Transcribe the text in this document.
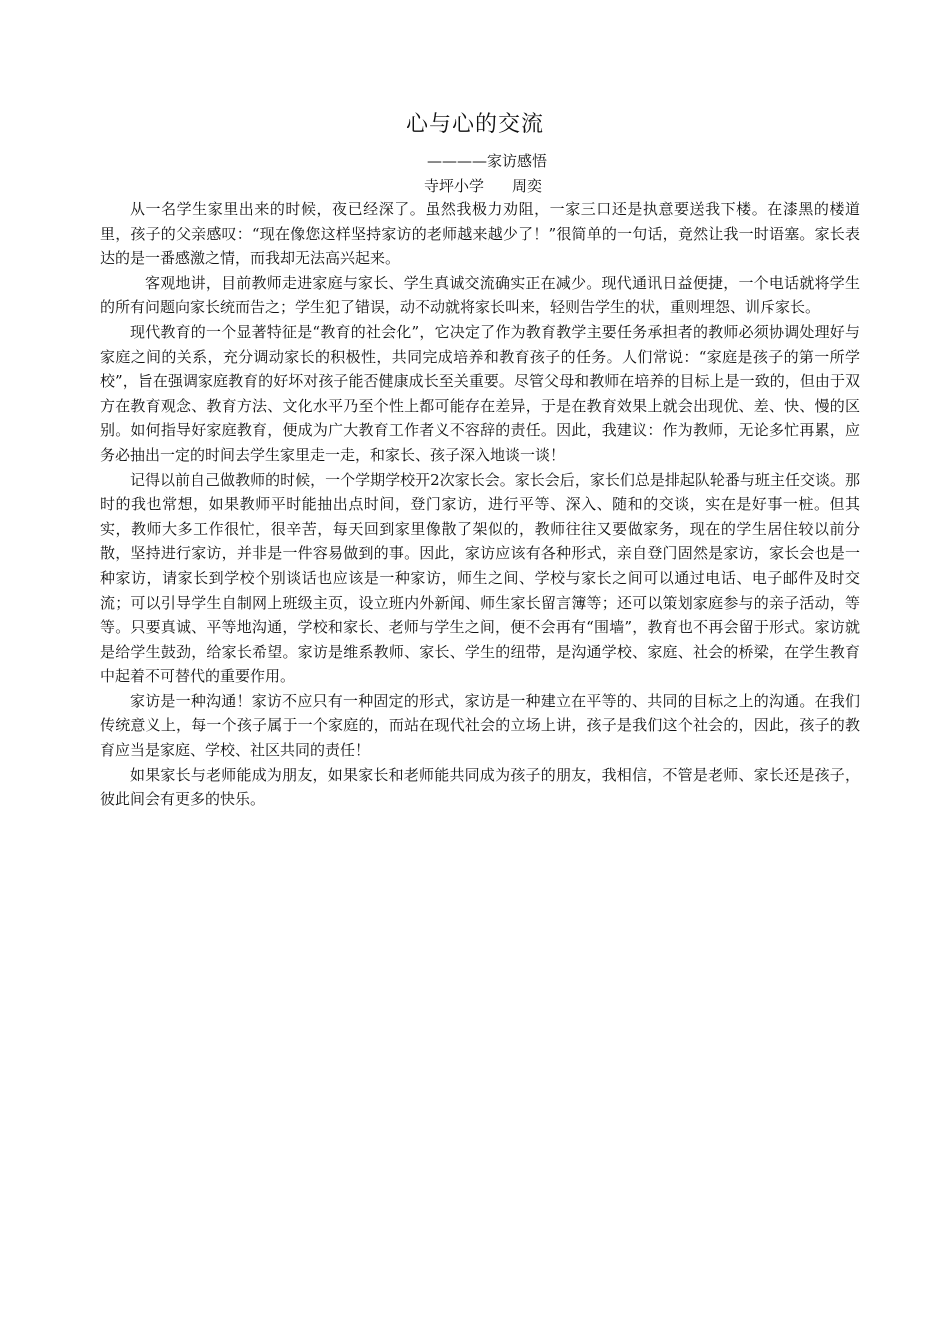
心与心的交流
————家访感悟
寺坪小学 周奕

从一名学生家里出来的时候，夜已经深了。虽然我极力劝阻，一家三口还是执意要送我下楼。在漆黑的楼道里，孩子的父亲感叹：“现在像您这样坚持家访的老师越来越少了！”很简单的一句话，竟然让我一时语塞。家长表达的是一番感激之情，而我却无法高兴起来。

客观地讲，目前教师走进家庭与家长、学生真诚交流确实正在减少。现代通讯日益便捷，一个电话就将学生的所有问题向家长统而告之；学生犯了错误，动不动就将家长叫来，轻则告学生的状，重则埋怨、训斥家长。

现代教育的一个显著特征是“教育的社会化”，它决定了作为教育教学主要任务承担者的教师必须协调处理好与家庭之间的关系，充分调动家长的积极性，共同完成培养和教育孩子的任务。人们常说：“家庭是孩子的第一所学校”，旨在强调家庭教育的好坏对孩子能否健康成长至关重要。尽管父母和教师在培养的目标上是一致的，但由于双方在教育观念、教育方法、文化水平乃至个性上都可能存在差异，于是在教育效果上就会出现优、差、快、慢的区别。如何指导好家庭教育，便成为广大教育工作者义不容辞的责任。因此，我建议：作为教师，无论多忙再累，应务必抽出一定的时间去学生家里走一走，和家长、孩子深入地谈一谈！

记得以前自己做教师的时候，一个学期学校开2次家长会。家长会后，家长们总是排起队轮番与班主任交谈。那时的我也常想，如果教师平时能抽出点时间，登门家访，进行平等、深入、随和的交谈，实在是好事一桩。但其实，教师大多工作很忙，很辛苦，每天回到家里像散了架似的，教师往往又要做家务，现在的学生居住较以前分散，坚持进行家访，并非是一件容易做到的事。因此，家访应该有各种形式，亲自登门固然是家访，家长会也是一种家访，请家长到学校个别谈话也应该是一种家访，师生之间、学校与家长之间可以通过电话、电子邮件及时交流；可以引导学生自制网上班级主页，设立班内外新闻、师生家长留言簿等；还可以策划家庭参与的亲子活动，等等。只要真诚、平等地沟通，学校和家长、老师与学生之间，便不会再有“围墙”，教育也不再会留于形式。家访就是给学生鼓劲，给家长希望。家访是维系教师、家长、学生的纽带，是沟通学校、家庭、社会的桥梁，在学生教育中起着不可替代的重要作用。

家访是一种沟通！家访不应只有一种固定的形式，家访是一种建立在平等的、共同的目标之上的沟通。在我们传统意义上，每一个孩子属于一个家庭的，而站在现代社会的立场上讲，孩子是我们这个社会的，因此，孩子的教育应当是家庭、学校、社区共同的责任！

如果家长与老师能成为朋友，如果家长和老师能共同成为孩子的朋友，我相信，不管是老师、家长还是孩子，彼此间会有更多的快乐。
